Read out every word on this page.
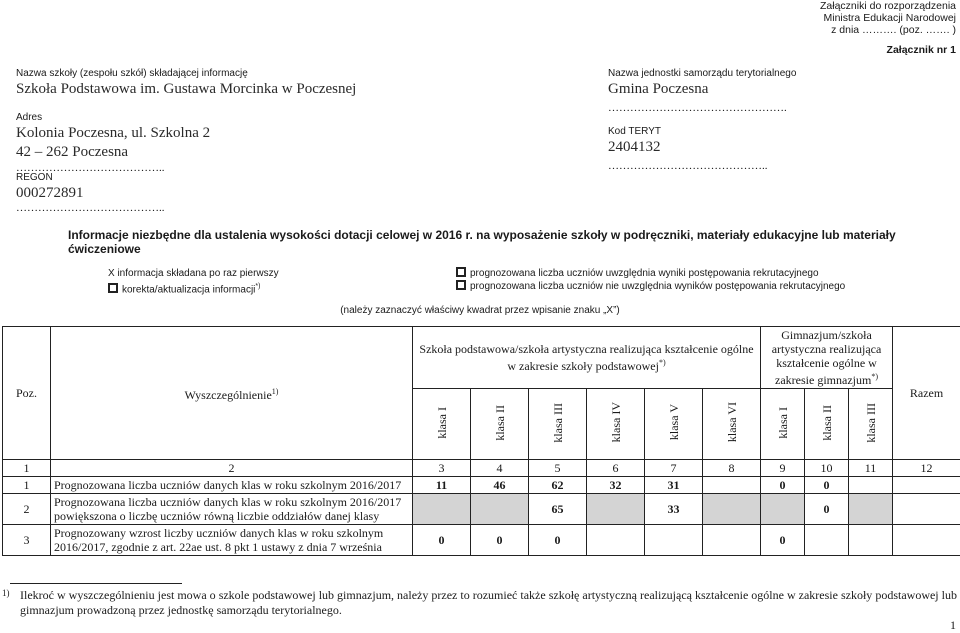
Załączniki do rozporządzenia
Ministra Edukacji Narodowej
z dnia ………. (poz. ……. )
Załącznik nr 1
Nazwa szkoły (zespołu szkół) składającej informację
Szkoła Podstawowa im. Gustawa Morcinka w Poczesnej
Adres
Kolonia Poczesna, ul. Szkolna 2
42 – 262 Poczesna
…………………………………..
REGON
000272891
…………………………………..
Nazwa jednostki samorządu terytorialnego
Gmina Poczesna
………………………………………….
Kod TERYT
2404132
……………………………………..
Informacje niezbędne dla ustalenia wysokości dotacji celowej w 2016 r. na wyposażenie szkoły w podręczniki, materiały edukacyjne lub materiały ćwiczeniowe
X informacja składana po raz pierwszy
korekta/aktualizacja informacji*)
prognozowana liczba uczniów uwzględnia wyniki postępowania rekrutacyjnego
prognozowana liczba uczniów nie uwzględnia wyników postępowania rekrutacyjnego
(należy zaznaczyć właściwy kwadrat przez wpisanie znaku „X”)
Poz.	Wyszczególnienie$^{1)}$	Szkoła podstawowa/szkoła artystyczna realizująca kształcenie ogólne w zakresie szkoły podstawowej*)						Gimnazjum/szkoła artystyczna realizująca kształcenie ogólne w zakresie gimnazjum*)			Razem
		klasa I	klasa II	klasa III	klasa IV	klasa V	klasa VI	klasa I	klasa II	klasa III	
1	2	3	4	5	6	7	8	9	10	11	12
1	Prognozowana liczba uczniów danych klas w roku szkolnym 2016/2017	11	46	62	32	31		0	0		
2	Prognozowana liczba uczniów danych klas w roku szkolnym 2016/2017 powiększona o liczbę uczniów równą liczbie oddziałów danej klasy			65		33			0		
3	Prognozowany wzrost liczby uczniów danych klas w roku szkolnym 2016/2017, zgodnie z art. 22ae ust. 8 pkt 1 ustawy z dnia 7 września	0	0	0				0			
1) Ilekroć w wyszczególnieniu jest mowa o szkole podstawowej lub gimnazjum, należy przez to rozumieć także szkołę artystyczną realizującą kształcenie ogólne w zakresie szkoły podstawowej lub gimnazjum prowadzoną przez jednostkę samorządu terytorialnego.
1
